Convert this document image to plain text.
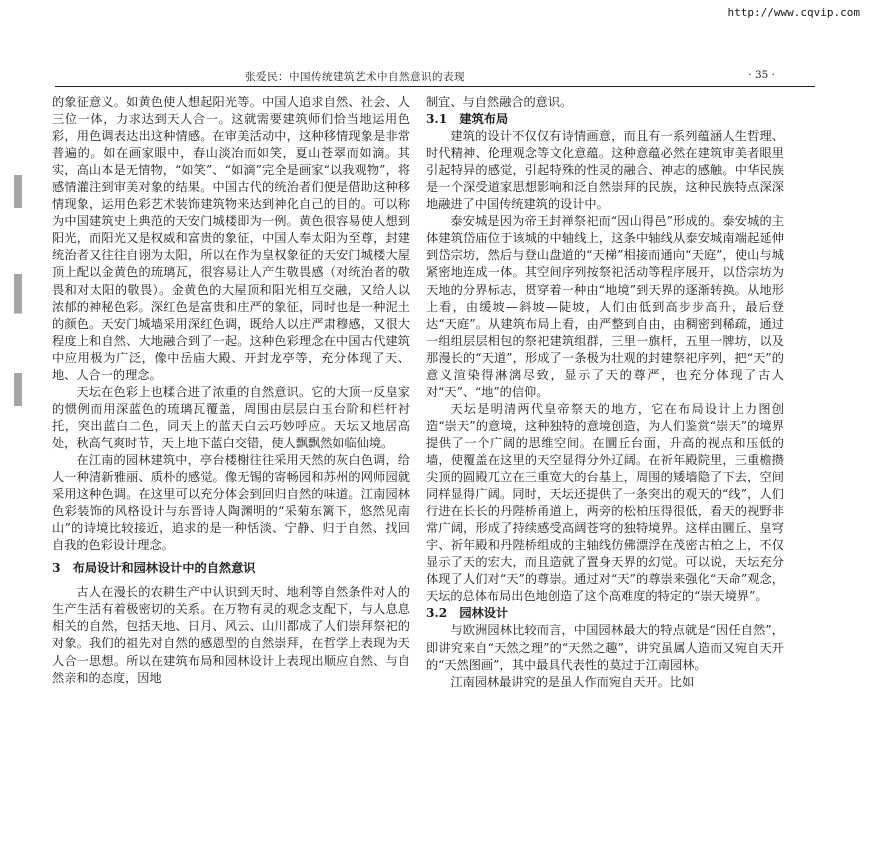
http://www.cqvip.com
张爱民：中国传统建筑艺术中自然意识的表现	· 35 ·

的象征意义。如黄色使人想起阳光等。中国人追求自然、社会、人三位一体，力求达到天人合一。这就需要建筑师们恰当地运用色彩，用色调表达出这种情感。在审美活动中，这种移情现象是非常普遍的。如在画家眼中，春山淡冶而如笑，夏山苍翠而如滴。其实，高山本是无情物，“如笑”、“如滴”完全是画家“以我观物”，将感情灌注到审美对象的结果。中国古代的统治者们便是借助这种移情现象，运用色彩艺术装饰建筑物来达到神化自己的目的。可以称为中国建筑史上典范的天安门城楼即为一例。黄色很容易使人想到阳光，而阳光又是权威和富贵的象征，中国人奉太阳为至尊，封建统治者又往往自诩为太阳，所以在作为皇权象征的天安门城楼大屋顶上配以金黄色的琉璃瓦，很容易让人产生敬畏感（对统治者的敬畏和对太阳的敬畏）。金黄色的大屋顶和阳光相互交融，又给人以浓郁的神秘色彩。深红色是富贵和庄严的象征，同时也是一种泥土的颜色。天安门城墙采用深红色调，既给人以庄严肃穆感，又很大程度上和自然、大地融合到了一起。这种色彩理念在中国古代建筑中应用极为广泛，像中岳庙大殿、开封龙亭等，充分体现了天、地、人合一的理念。

天坛在色彩上也糅合进了浓重的自然意识。它的大顶一反皇家的惯例而用深蓝色的琉璃瓦覆盖，周围由层层白玉台阶和栏杆衬托，突出蓝白二色，同天上的蓝天白云巧妙呼应。天坛又地居高处，秋高气爽时节，天上地下蓝白交错，使人飘飘然如临仙境。

在江南的园林建筑中，亭台楼榭往往采用天然的灰白色调，给人一种清新雅丽、质朴的感觉。像无锡的寄畅园和苏州的网师园就采用这种色调。在这里可以充分体会到回归自然的味道。江南园林色彩装饰的风格设计与东晋诗人陶渊明的“采菊东篱下，悠然见南山”的诗境比较接近，追求的是一种恬淡、宁静、归于自然、找回自我的色彩设计理念。

3　布局设计和园林设计中的自然意识

古人在漫长的农耕生产中认识到天时、地利等自然条件对人的生产生活有着极密切的关系。在万物有灵的观念支配下，与人息息相关的自然，包括天地、日月、风云、山川都成了人们崇拜祭祀的对象。我们的祖先对自然的感恩型的自然崇拜，在哲学上表现为天人合一思想。所以在建筑布局和园林设计上表现出顺应自然、与自然亲和的态度，因地

制宜、与自然融合的意识。

3.1　建筑布局

建筑的设计不仅仅有诗情画意，而且有一系列蕴涵人生哲理、时代精神、伦理观念等文化意蕴。这种意蕴必然在建筑审美者眼里引起特异的感觉，引起特殊的性灵的融合、神志的感触。中华民族是一个深受道家思想影响和泛自然崇拜的民族，这种民族特点深深地融进了中国传统建筑的设计中。

泰安城是因为帝王封禅祭祀而“因山得邑”形成的。泰安城的主体建筑岱庙位于该城的中轴线上，这条中轴线从泰安城南端起延伸到岱宗坊，然后与登山盘道的“天梯”相接而通向“天庭”，使山与城紧密地连成一体。其空间序列按祭祀活动等程序展开，以岱宗坊为天地的分界标志，贯穿着一种由“地境”到天界的逐渐转换。从地形上看，由缓坡—斜坡—陡坡，人们由低到高步步高升，最后登达“天庭”。从建筑布局上看，由严整到自由，由稠密到稀疏，通过一组组层层相包的祭祀建筑组群，三里一旗杆，五里一牌坊，以及那漫长的“天道”，形成了一条极为壮观的封建祭祀序列，把“天”的意义渲染得淋漓尽致，显示了天的尊严，也充分体现了古人对“天”、“地”的信仰。

天坛是明清两代皇帝祭天的地方，它在布局设计上力图创造“崇天”的意境，这种独特的意境创造，为人们鉴赏“崇天”的境界提供了一个广阔的思维空间。在圜丘台面，升高的视点和压低的墙，使覆盖在这里的天空显得分外辽阔。在祈年殿院里，三重檐攒尖顶的圆殿兀立在三重宽大的台基上，周围的矮墙隐了下去，空间同样显得广阔。同时，天坛还提供了一条突出的观天的“线”，人们行进在长长的丹陛桥甬道上，两旁的松柏压得很低，看天的视野非常广阔，形成了持续感受高阔苍穹的独特境界。这样由圜丘、皇穹宇、祈年殿和丹陛桥组成的主轴线仿佛漂浮在茂密古柏之上，不仅显示了天的宏大，而且造就了置身天界的幻觉。可以说，天坛充分体现了人们对“天”的尊崇。通过对“天”的尊崇来强化“天命”观念，天坛的总体布局出色地创造了这个高难度的特定的“崇天境界”。

3.2　园林设计

与欧洲园林比较而言，中国园林最大的特点就是“因任自然”，即讲究来自“天然之理”的“天然之趣”，讲究虽属人造而又宛自天开的“天然图画”，其中最具代表性的莫过于江南园林。

江南园林最讲究的是虽人作而宛自天开。比如
